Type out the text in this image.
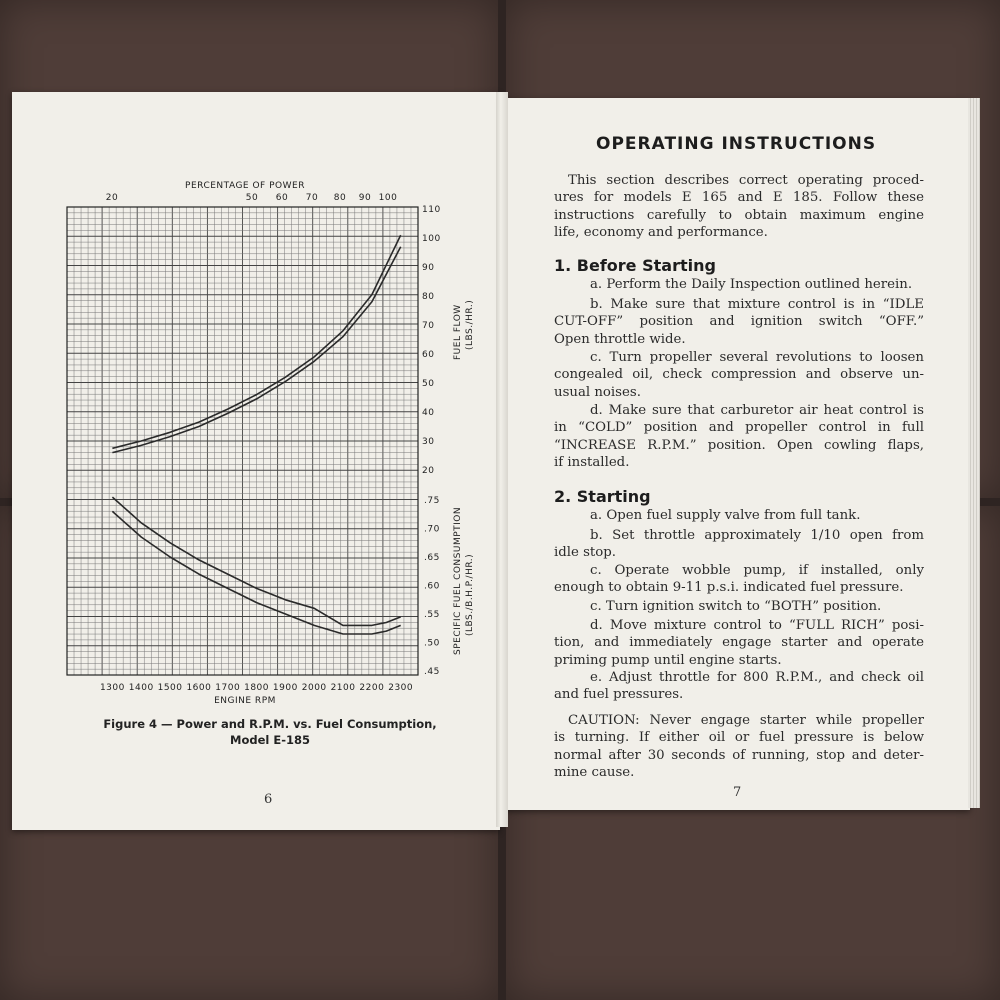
1300 1400 1500 1600 1700 1800 1900 2000 2100 2200 2300
ENGINE RPM
PERCENTAGE OF POWER
20	50 60 70 80 90 100
110
100
90
80
70
60
50
40
30
20
.75
.70
.65
.60
.55
.50
.45
FUEL FLOW (LBS./HR.)
SPECIFIC FUEL CONSUMPTION (LBS./B.H.P./HR.)
Figure 4 — Power and R.P.M. vs. Fuel Consumption,
Model E-185
6
OPERATING INSTRUCTIONS
This section describes correct operating proced-
ures for models E 165 and E 185. Follow these
instructions carefully to obtain maximum engine
life, economy and performance.
1. Before Starting
a. Perform the Daily Inspection outlined herein.
b. Make sure that mixture control is in “IDLE
CUT-OFF” position and ignition switch “OFF.”
Open throttle wide.
c. Turn propeller several revolutions to loosen
congealed oil, check compression and observe un-
usual noises.
d. Make sure that carburetor air heat control is
in “COLD” position and propeller control in full
“INCREASE R.P.M.” position. Open cowling flaps,
if installed.
2. Starting
a. Open fuel supply valve from full tank.
b. Set throttle approximately 1/10 open from
idle stop.
c. Operate wobble pump, if installed, only
enough to obtain 9-11 p.s.i. indicated fuel pressure.
c. Turn ignition switch to “BOTH” position.
d. Move mixture control to “FULL RICH” posi-
tion, and immediately engage starter and operate
priming pump until engine starts.
e. Adjust throttle for 800 R.P.M., and check oil
and fuel pressures.
CAUTION: Never engage starter while propeller
is turning. If either oil or fuel pressure is below
normal after 30 seconds of running, stop and deter-
mine cause.
7
